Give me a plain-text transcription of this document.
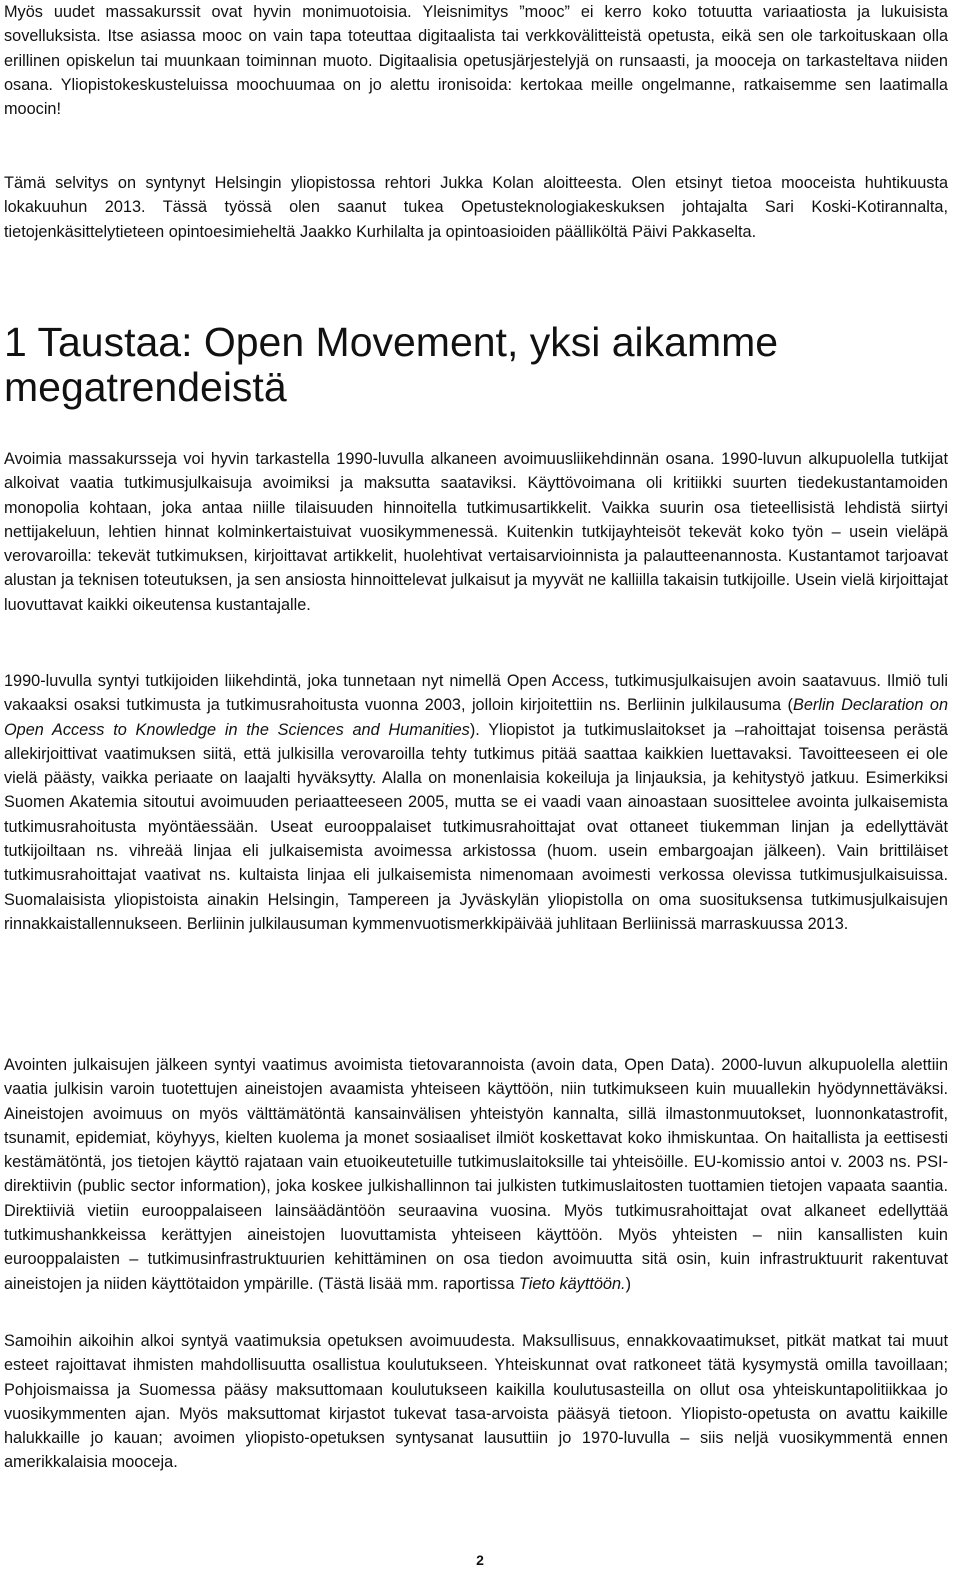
Myös uudet massakurssit ovat hyvin monimuotoisia. Yleisnimitys ”mooc” ei kerro koko totuutta variaatiosta ja lukuisista sovelluksista. Itse asiassa mooc on vain tapa toteuttaa digitaalista tai verkkovälitteistä opetusta, eikä sen ole tarkoituskaan olla erillinen opiskelun tai muunkaan toiminnan muoto. Digitaalisia opetusjärjestelyjä on runsaasti, ja mooceja on tarkasteltava niiden osana. Yliopistokeskusteluissa moochuumaa on jo alettu ironisoida: kertokaa meille ongelmanne, ratkaisemme sen laatimalla moocin!

Tämä selvitys on syntynyt Helsingin yliopistossa rehtori Jukka Kolan aloitteesta. Olen etsinyt tietoa mooceista huhtikuusta lokakuuhun 2013. Tässä työssä olen saanut tukea Opetusteknologiakeskuksen johtajalta Sari Koski-Kotirannalta, tietojenkäsittelytieteen opintoesimieheltä Jaakko Kurhilalta ja opintoasioiden päälliköltä Päivi Pakkaselta.

1 Taustaa: Open Movement, yksi aikamme megatrendeistä

Avoimia massakursseja voi hyvin tarkastella 1990-luvulla alkaneen avoimuusliikehdinnän osana. 1990-luvun alkupuolella tutkijat alkoivat vaatia tutkimusjulkaisuja avoimiksi ja maksutta saataviksi. Käyttövoimana oli kritiikki suurten tiedekustantamoiden monopolia kohtaan, joka antaa niille tilaisuuden hinnoitella tutkimusartikkelit. Vaikka suurin osa tieteellisistä lehdistä siirtyi nettijakeluun, lehtien hinnat kolminkertaistuivat vuosikymmenessä. Kuitenkin tutkijayhteisöt tekevät koko työn – usein vieläpä verovaroilla: tekevät tutkimuksen, kirjoittavat artikkelit, huolehtivat vertaisarvioinnista ja palautteenannosta. Kustantamot tarjoavat alustan ja teknisen toteutuksen, ja sen ansiosta hinnoittelevat julkaisut ja myyvät ne kalliilla takaisin tutkijoille. Usein vielä kirjoittajat luovuttavat kaikki oikeutensa kustantajalle.

1990-luvulla syntyi tutkijoiden liikehdintä, joka tunnetaan nyt nimellä Open Access, tutkimusjulkaisujen avoin saatavuus. Ilmiö tuli vakaaksi osaksi tutkimusta ja tutkimusrahoitusta vuonna 2003, jolloin kirjoitettiin ns. Berliinin julkilausuma (Berlin Declaration on Open Access to Knowledge in the Sciences and Humanities). Yliopistot ja tutkimuslaitokset ja –rahoittajat toisensa perästä allekirjoittivat vaatimuksen siitä, että julkisilla verovaroilla tehty tutkimus pitää saattaa kaikkien luettavaksi. Tavoitteeseen ei ole vielä päästy, vaikka periaate on laajalti hyväksytty. Alalla on monenlaisia kokeiluja ja linjauksia, ja kehitystyö jatkuu. Esimerkiksi Suomen Akatemia sitoutui avoimuuden periaatteeseen 2005, mutta se ei vaadi vaan ainoastaan suosittelee avointa julkaisemista tutkimusrahoitusta myöntäessään. Useat eurooppalaiset tutkimusrahoittajat ovat ottaneet tiukemman linjan ja edellyttävät tutkijoiltaan ns. vihreää linjaa eli julkaisemista avoimessa arkistossa (huom. usein embargoajan jälkeen). Vain brittiläiset tutkimusrahoittajat vaativat ns. kultaista linjaa eli julkaisemista nimenomaan avoimesti verkossa olevissa tutkimusjulkaisuissa. Suomalaisista yliopistoista ainakin Helsingin, Tampereen ja Jyväskylän yliopistolla on oma suosituksensa tutkimusjulkaisujen rinnakkaistallennukseen. Berliinin julkilausuman kymmenvuotismerkkipäivää juhlitaan Berliinissä marraskuussa 2013.

Avointen julkaisujen jälkeen syntyi vaatimus avoimista tietovarannoista (avoin data, Open Data). 2000-luvun alkupuolella alettiin vaatia julkisin varoin tuotettujen aineistojen avaamista yhteiseen käyttöön, niin tutkimukseen kuin muuallekin hyödynnettäväksi. Aineistojen avoimuus on myös välttämätöntä kansainvälisen yhteistyön kannalta, sillä ilmastonmuutokset, luonnonkatastrofit, tsunamit, epidemiat, köyhyys, kielten kuolema ja monet sosiaaliset ilmiöt koskettavat koko ihmiskuntaa. On haitallista ja eettisesti kestämätöntä, jos tietojen käyttö rajataan vain etuoikeutetuille tutkimuslaitoksille tai yhteisöille. EU-komissio antoi v. 2003 ns. PSI-direktiivin (public sector information), joka koskee julkishallinnon tai julkisten tutkimuslaitosten tuottamien tietojen vapaata saantia. Direktiiviä vietiin eurooppalaiseen lainsäädäntöön seuraavina vuosina. Myös tutkimusrahoittajat ovat alkaneet edellyttää tutkimushankkeissa kerättyjen aineistojen luovuttamista yhteiseen käyttöön. Myös yhteisten – niin kansallisten kuin eurooppalaisten – tutkimusinfrastruktuurien kehittäminen on osa tiedon avoimuutta sitä osin, kuin infrastruktuurit rakentuvat aineistojen ja niiden käyttötaidon ympärille. (Tästä lisää mm. raportissa Tieto käyttöön.)

Samoihin aikoihin alkoi syntyä vaatimuksia opetuksen avoimuudesta. Maksullisuus, ennakkovaatimukset, pitkät matkat tai muut esteet rajoittavat ihmisten mahdollisuutta osallistua koulutukseen. Yhteiskunnat ovat ratkoneet tätä kysymystä omilla tavoillaan; Pohjoismaissa ja Suomessa pääsy maksuttomaan koulutukseen kaikilla koulutusasteilla on ollut osa yhteiskuntapolitiikkaa jo vuosikymmenten ajan. Myös maksuttomat kirjastot tukevat tasa-arvoista pääsyä tietoon. Yliopisto-opetusta on avattu kaikille halukkaille jo kauan; avoimen yliopisto-opetuksen syntysanat lausuttiin jo 1970-luvulla – siis neljä vuosikymmentä ennen amerikkalaisia mooceja.

2
